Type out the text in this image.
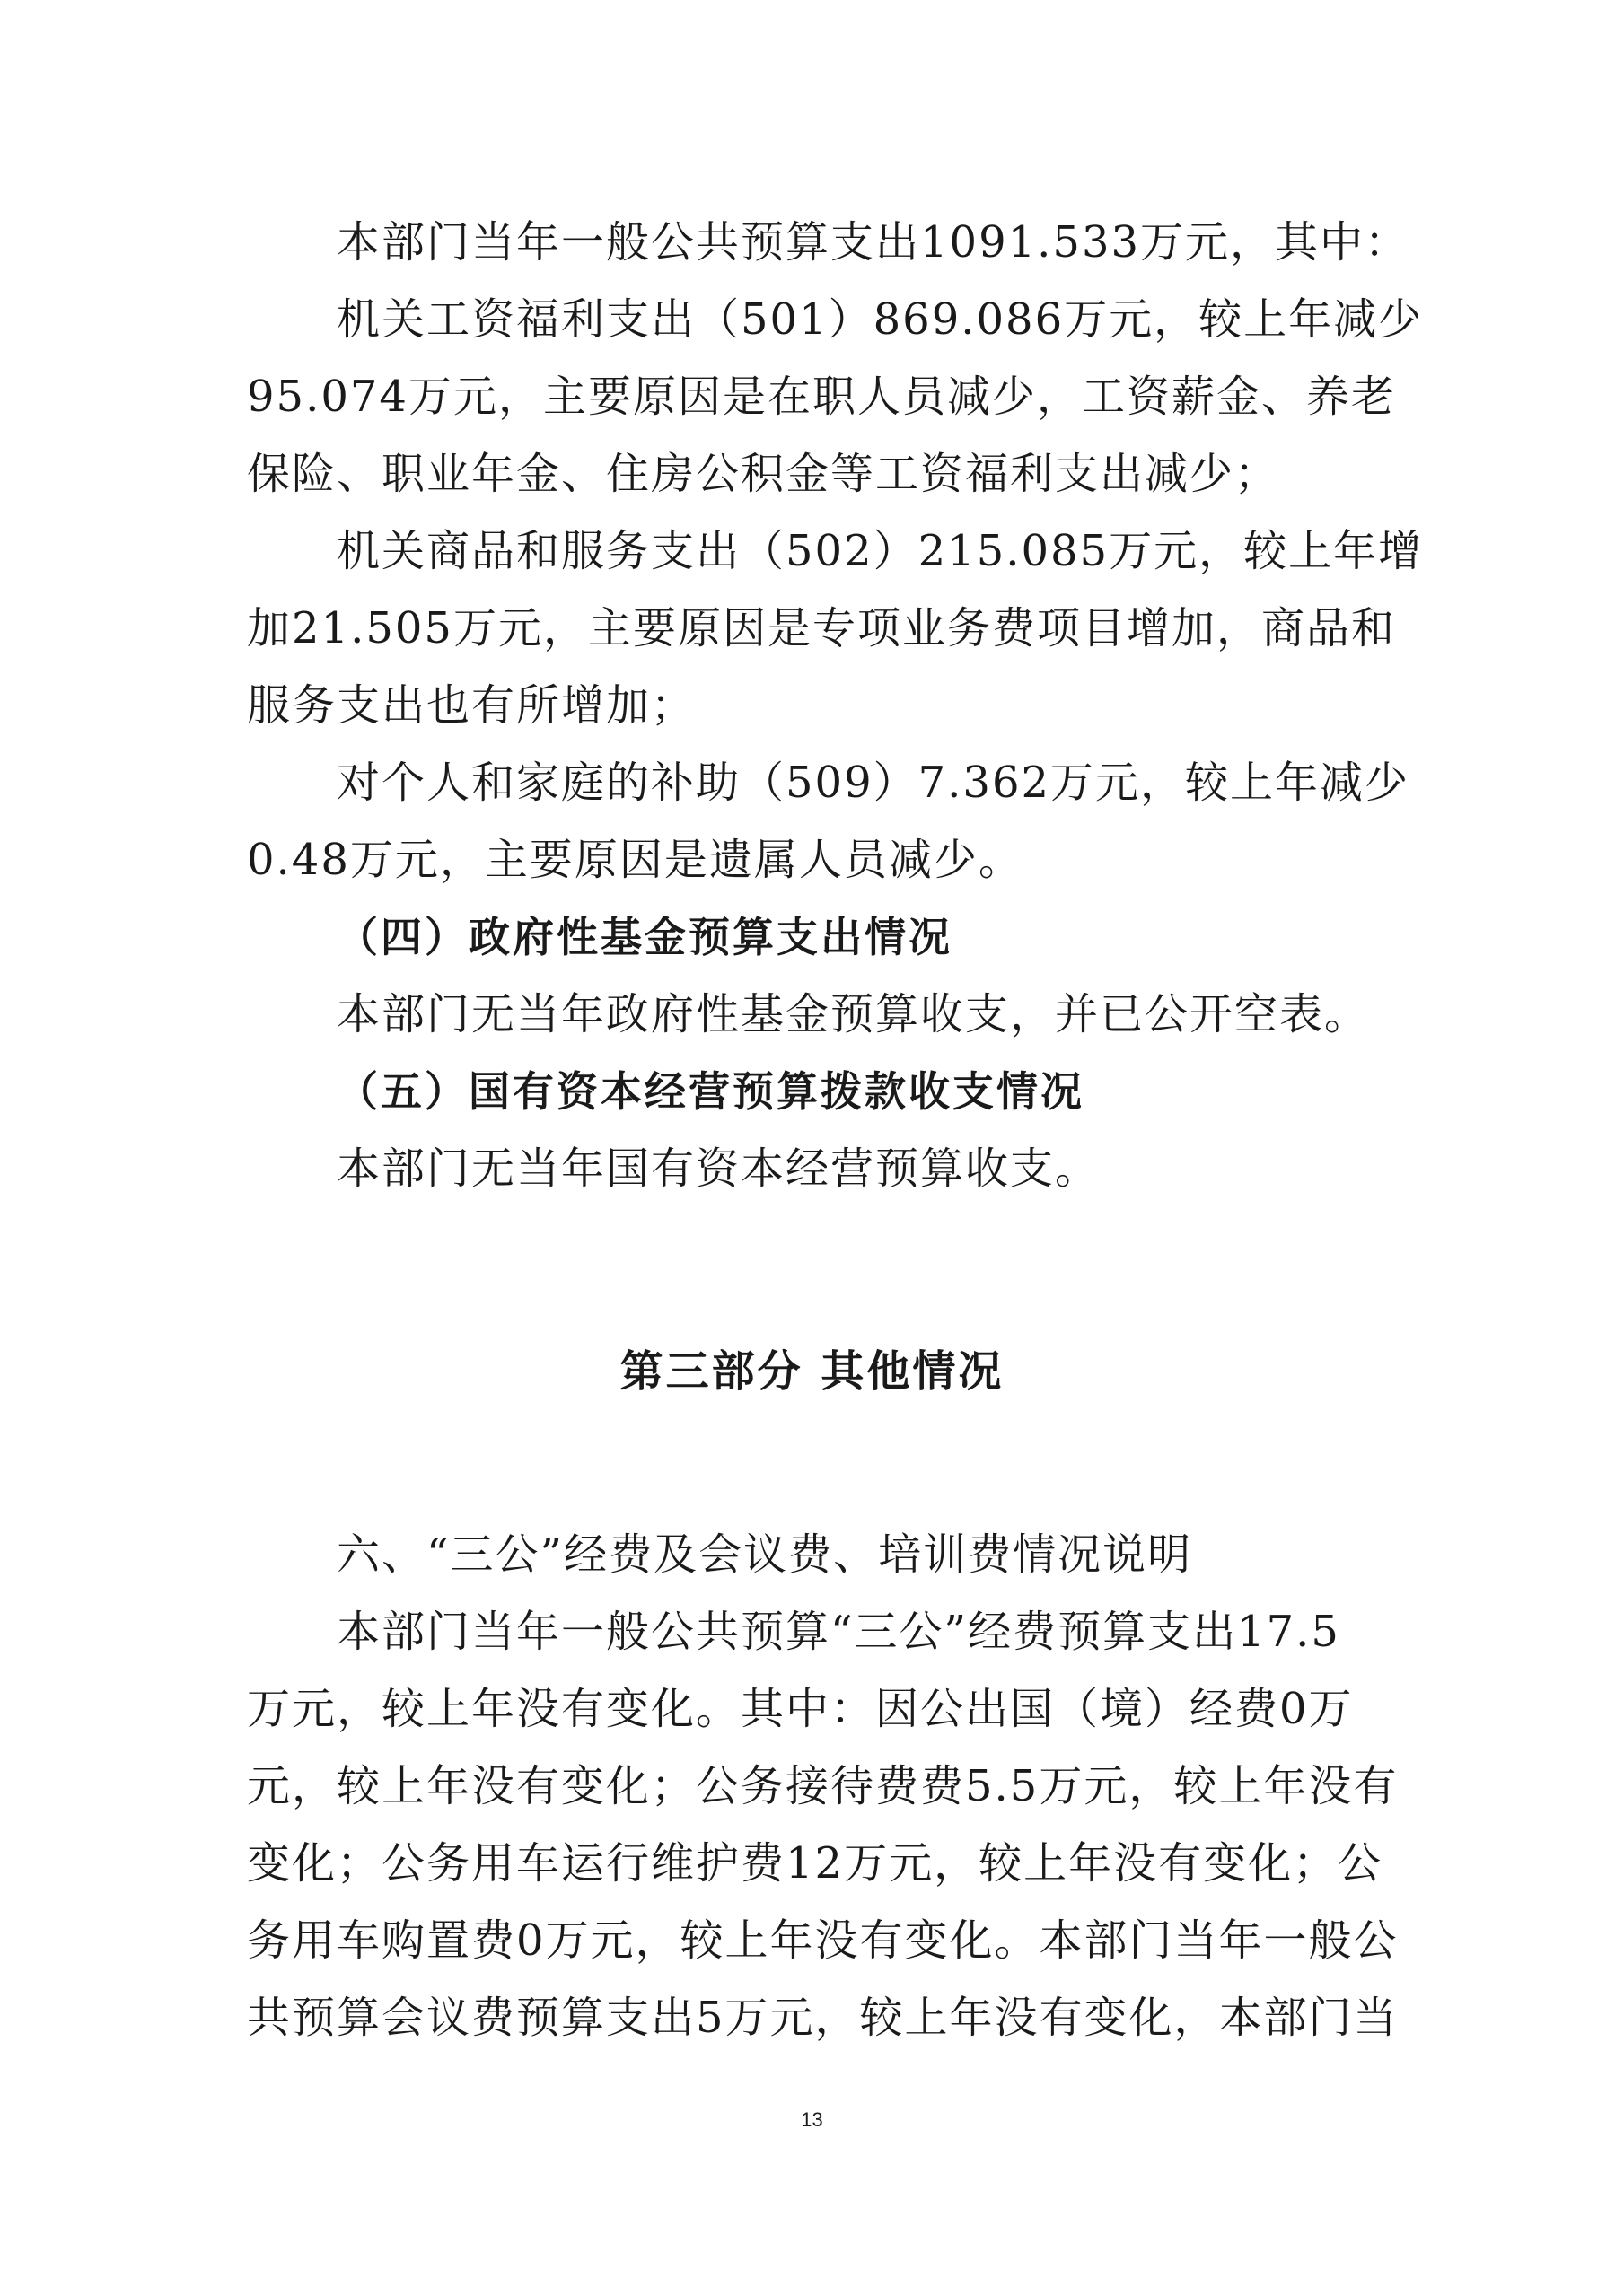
本部门当年一般公共预算支出1091.533万元，其中：

机关工资福利支出（501）869.086万元，较上年减少

95.074万元，主要原因是在职人员减少，工资薪金、养老

保险、职业年金、住房公积金等工资福利支出减少；

机关商品和服务支出（502）215.085万元，较上年增

加21.505万元，主要原因是专项业务费项目增加，商品和

服务支出也有所增加；

对个人和家庭的补助（509）7.362万元，较上年减少

0.48万元，主要原因是遗属人员减少。

（四）政府性基金预算支出情况

本部门无当年政府性基金预算收支，并已公开空表。

（五）国有资本经营预算拨款收支情况

本部门无当年国有资本经营预算收支。

第三部分 其他情况

六、“三公”经费及会议费、培训费情况说明

本部门当年一般公共预算“三公”经费预算支出17.5

万元，较上年没有变化。其中：因公出国（境）经费0万

元，较上年没有变化；公务接待费费5.5万元，较上年没有

变化；公务用车运行维护费12万元，较上年没有变化；公

务用车购置费0万元，较上年没有变化。本部门当年一般公

共预算会议费预算支出5万元，较上年没有变化，本部门当

13
